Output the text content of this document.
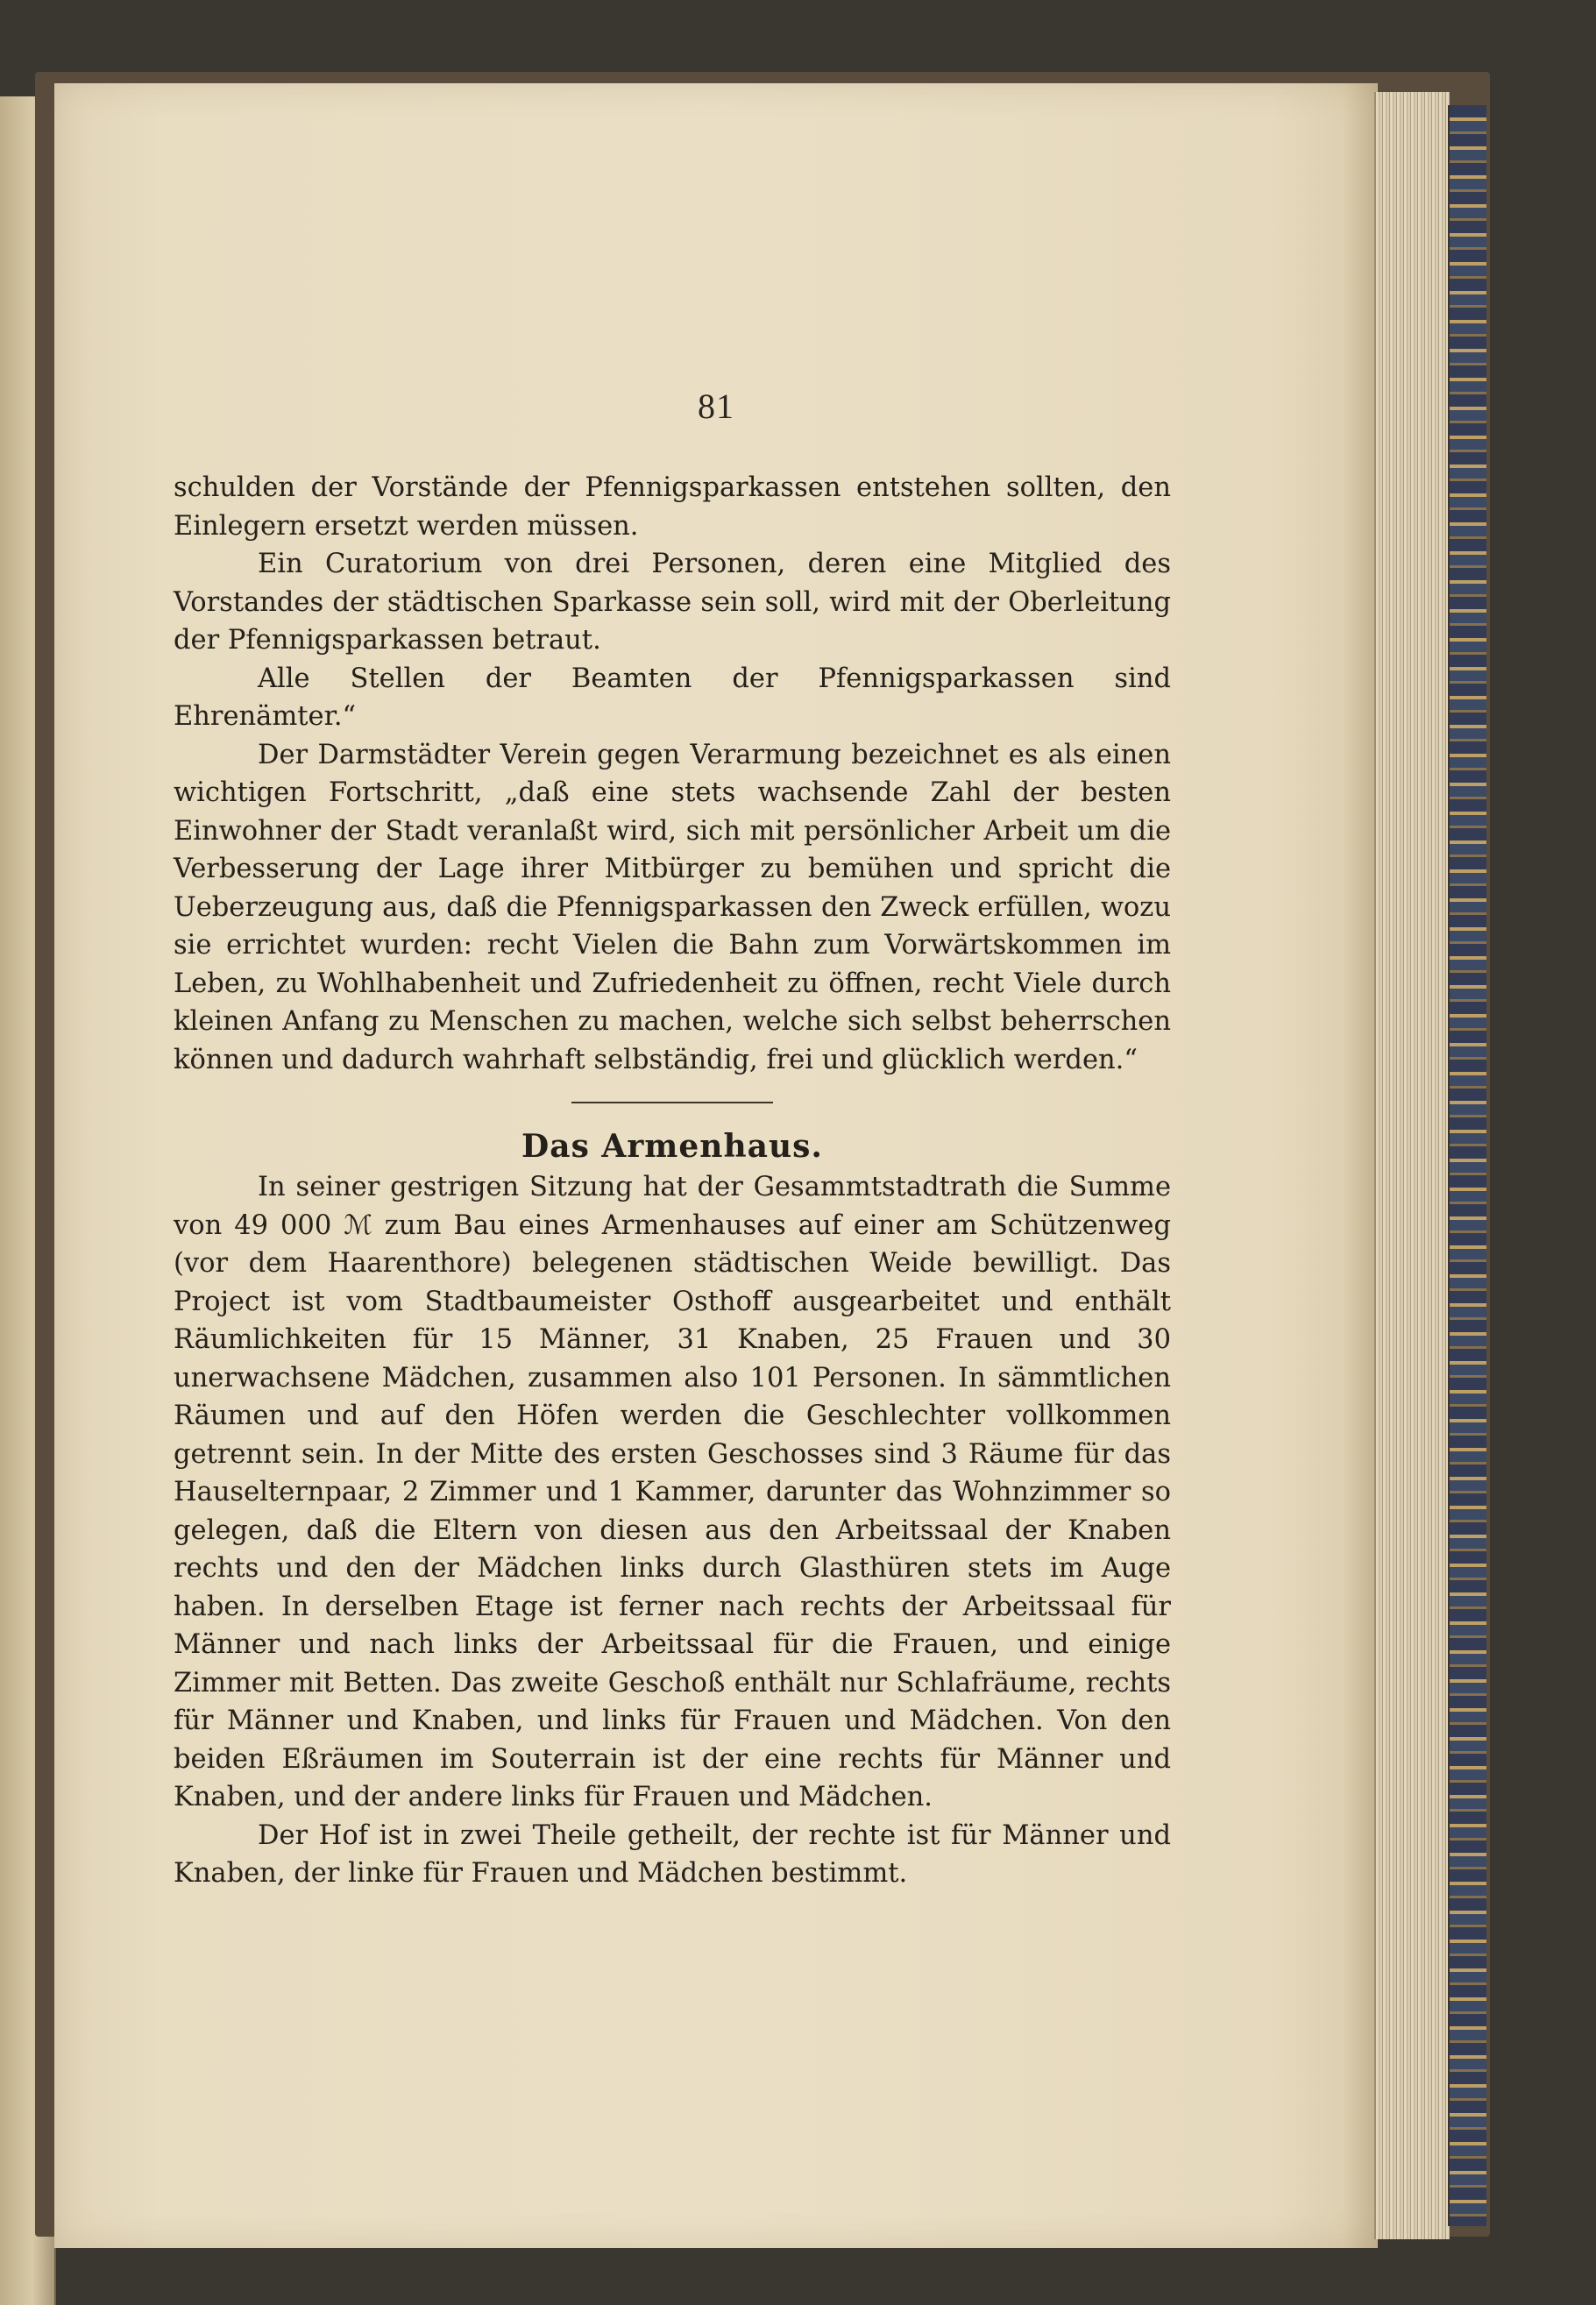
81

schulden der Vorstände der Pfennigsparkassen entstehen sollten, den Einlegern ersetzt werden müssen.

Ein Curatorium von drei Personen, deren eine Mitglied des Vorstandes der städtischen Sparkasse sein soll, wird mit der Oberleitung der Pfennigsparkassen betraut.

Alle Stellen der Beamten der Pfennigsparkassen sind Ehrenämter.“

Der Darmstädter Verein gegen Verarmung bezeichnet es als einen wichtigen Fortschritt, „daß eine stets wachsende Zahl der besten Einwohner der Stadt veranlaßt wird, sich mit persönlicher Arbeit um die Verbesserung der Lage ihrer Mitbürger zu bemühen und spricht die Ueberzeugung aus, daß die Pfennigsparkassen den Zweck erfüllen, wozu sie errichtet wurden: recht Vielen die Bahn zum Vorwärtskommen im Leben, zu Wohlhabenheit und Zufriedenheit zu öffnen, recht Viele durch kleinen Anfang zu Menschen zu machen, welche sich selbst beherrschen können und dadurch wahrhaft selbständig, frei und glücklich werden.“

Das Armenhaus.

In seiner gestrigen Sitzung hat der Gesammtstadtrath die Summe von 49 000 ℳ zum Bau eines Armenhauses auf einer am Schützenweg (vor dem Haarenthore) belegenen städtischen Weide bewilligt. Das Project ist vom Stadtbaumeister Osthoff ausgearbeitet und enthält Räumlichkeiten für 15 Männer, 31 Knaben, 25 Frauen und 30 unerwachsene Mädchen, zusammen also 101 Personen. In sämmtlichen Räumen und auf den Höfen werden die Geschlechter vollkommen getrennt sein. In der Mitte des ersten Geschosses sind 3 Räume für das Hauselternpaar, 2 Zimmer und 1 Kammer, darunter das Wohnzimmer so gelegen, daß die Eltern von diesen aus den Arbeitssaal der Knaben rechts und den der Mädchen links durch Glasthüren stets im Auge haben. In derselben Etage ist ferner nach rechts der Arbeitssaal für Männer und nach links der Arbeitssaal für die Frauen, und einige Zimmer mit Betten. Das zweite Geschoß enthält nur Schlafräume, rechts für Männer und Knaben, und links für Frauen und Mädchen. Von den beiden Eßräumen im Souterrain ist der eine rechts für Männer und Knaben, und der andere links für Frauen und Mädchen.

Der Hof ist in zwei Theile getheilt, der rechte ist für Männer und Knaben, der linke für Frauen und Mädchen bestimmt.
